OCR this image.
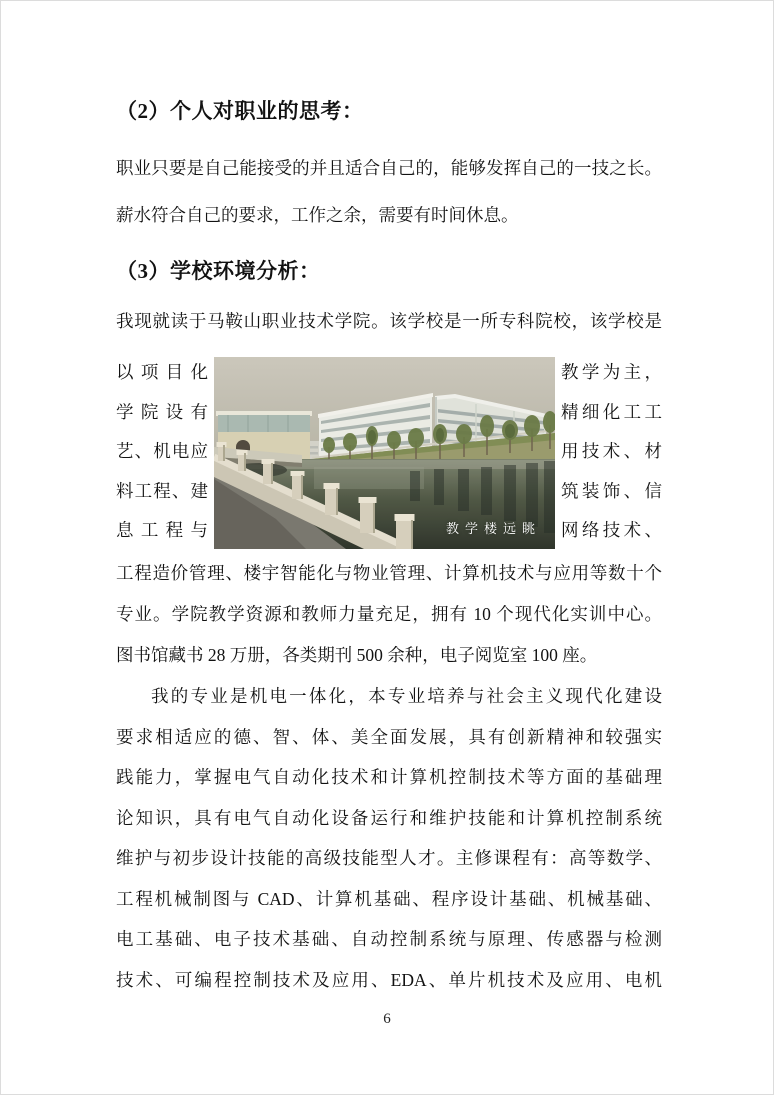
（2）个人对职业的思考：
职业只要是自己能接受的并且适合自己的，能够发挥自己的一技之长。
薪水符合自己的要求，工作之余，需要有时间休息。
（3）学校环境分析：
我现就读于马鞍山职业技术学院。该学校是一所专科院校，该学校是
以项目化
学院设有
艺、机电应
料工程、建
息工程与	教学楼远眺
教学为主，
精细化工工
用技术、材
筑装饰、信
网络技术、
工程造价管理、楼宇智能化与物业管理、计算机技术与应用等数十个
专业。学院教学资源和教师力量充足，拥有 10 个现代化实训中心。
图书馆藏书 28 万册，各类期刊 500 余种，电子阅览室 100 座。
我的专业是机电一体化，本专业培养与社会主义现代化建设
要求相适应的德、智、体、美全面发展，具有创新精神和较强实
践能力，掌握电气自动化技术和计算机控制技术等方面的基础理
论知识，具有电气自动化设备运行和维护技能和计算机控制系统
维护与初步设计技能的高级技能型人才。主修课程有：高等数学、
工程机械制图与 CAD、计算机基础、程序设计基础、机械基础、
电工基础、电子技术基础、自动控制系统与原理、传感器与检测
技术、可编程控制技术及应用、EDA、单片机技术及应用、电机
6
